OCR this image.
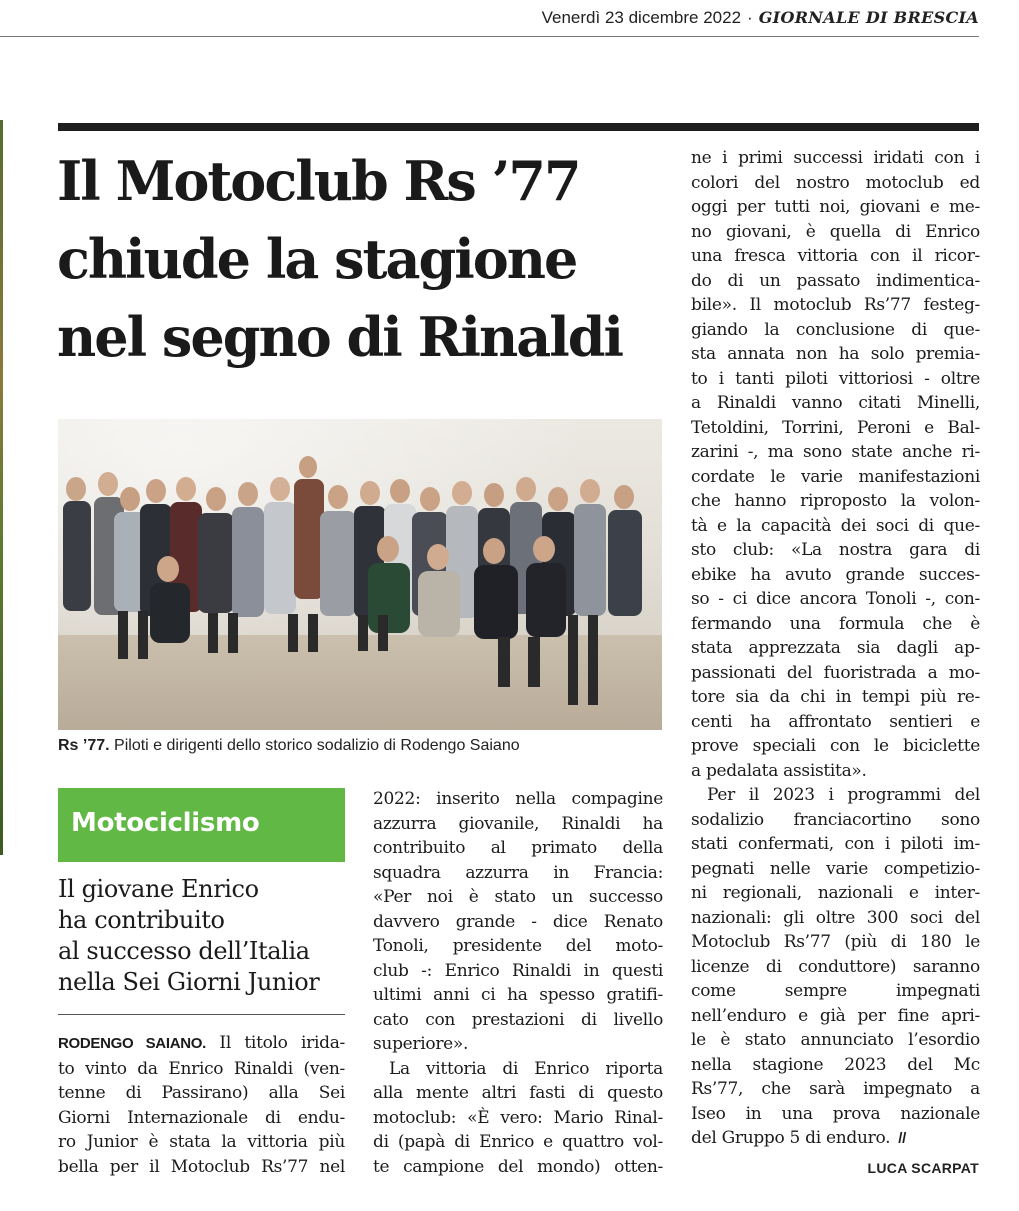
Venerdì 23 dicembre 2022 · GIORNALE DI BRESCIA
Il Motoclub Rs ’77
chiude la stagione
nel segno di Rinaldi
Rs ’77. Piloti e dirigenti dello storico sodalizio di Rodengo Saiano
Motociclismo
Il giovane Enrico
ha contribuito
al successo dell’Italia
nella Sei Giorni Junior
RODENGO SAIANO. Il titolo irida-
to vinto da Enrico Rinaldi (ven-
tenne di Passirano) alla Sei
Giorni Internazionale di endu-
ro Junior è stata la vittoria più
bella per il Motoclub Rs’77 nel
2022: inserito nella compagine
azzurra giovanile, Rinaldi ha
contribuito al primato della
squadra azzurra in Francia:
«Per noi è stato un successo
davvero grande - dice Renato
Tonoli, presidente del moto-
club -: Enrico Rinaldi in questi
ultimi anni ci ha spesso gratifi-
cato con prestazioni di livello
superiore».
La vittoria di Enrico riporta
alla mente altri fasti di questo
motoclub: «È vero: Mario Rinal-
di (papà di Enrico e quattro vol-
te campione del mondo) otten-
ne i primi successi iridati con i
colori del nostro motoclub ed
oggi per tutti noi, giovani e me-
no giovani, è quella di Enrico
una fresca vittoria con il ricor-
do di un passato indimentica-
bile». Il motoclub Rs’77 festeg-
giando la conclusione di que-
sta annata non ha solo premia-
to i tanti piloti vittoriosi - oltre
a Rinaldi vanno citati Minelli,
Tetoldini, Torrini, Peroni e Bal-
zarini -, ma sono state anche ri-
cordate le varie manifestazioni
che hanno riproposto la volon-
tà e la capacità dei soci di que-
sto club: «La nostra gara di
ebike ha avuto grande succes-
so - ci dice ancora Tonoli -, con-
fermando una formula che è
stata apprezzata sia dagli ap-
passionati del fuoristrada a mo-
tore sia da chi in tempi più re-
centi ha affrontato sentieri e
prove speciali con le biciclette
a pedalata assistita».
Per il 2023 i programmi del
sodalizio franciacortino sono
stati confermati, con i piloti im-
pegnati nelle varie competizio-
ni regionali, nazionali e inter-
nazionali: gli oltre 300 soci del
Motoclub Rs’77 (più di 180 le
licenze di conduttore) saranno
come sempre impegnati
nell’enduro e già per fine apri-
le è stato annunciato l’esordio
nella stagione 2023 del Mc
Rs’77, che sarà impegnato a
Iseo in una prova nazionale
del Gruppo 5 di enduro. //
LUCA SCARPAT
